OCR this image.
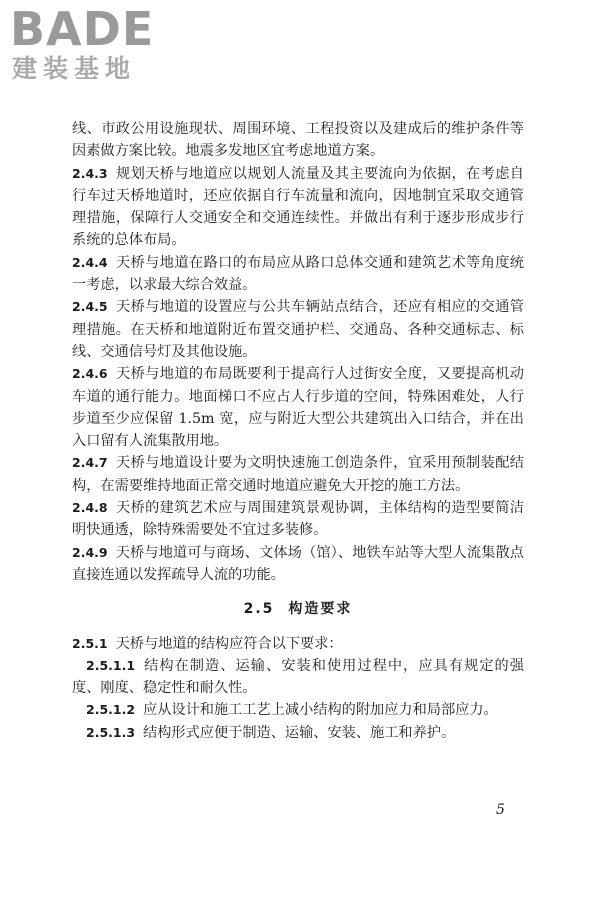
BADE
建装基地

线、市政公用设施现状、周围环境、工程投资以及建成后的维护条件等因素做方案比较。地震多发地区宜考虑地道方案。

2.4.3 规划天桥与地道应以规划人流量及其主要流向为依据，在考虑自行车过天桥地道时，还应依据自行车流量和流向，因地制宜采取交通管理措施，保障行人交通安全和交通连续性。并做出有利于逐步形成步行系统的总体布局。

2.4.4 天桥与地道在路口的布局应从路口总体交通和建筑艺术等角度统一考虑，以求最大综合效益。

2.4.5 天桥与地道的设置应与公共车辆站点结合，还应有相应的交通管理措施。在天桥和地道附近布置交通护栏、交通岛、各种交通标志、标线、交通信号灯及其他设施。

2.4.6 天桥与地道的布局既要利于提高行人过街安全度，又要提高机动车道的通行能力。地面梯口不应占人行步道的空间，特殊困难处，人行步道至少应保留 1.5m 宽，应与附近大型公共建筑出入口结合，并在出入口留有人流集散用地。

2.4.7 天桥与地道设计要为文明快速施工创造条件，宜采用预制装配结构，在需要维持地面正常交通时地道应避免大开挖的施工方法。

2.4.8 天桥的建筑艺术应与周围建筑景观协调，主体结构的造型要简洁明快通透，除特殊需要处不宜过多装修。

2.4.9 天桥与地道可与商场、文体场（馆）、地铁车站等大型人流集散点直接连通以发挥疏导人流的功能。

2.5 构造要求

2.5.1 天桥与地道的结构应符合以下要求：

2.5.1.1 结构在制造、运输、安装和使用过程中，应具有规定的强度、刚度、稳定性和耐久性。

2.5.1.2 应从设计和施工工艺上减小结构的附加应力和局部应力。

2.5.1.3 结构形式应便于制造、运输、安装、施工和养护。

5
